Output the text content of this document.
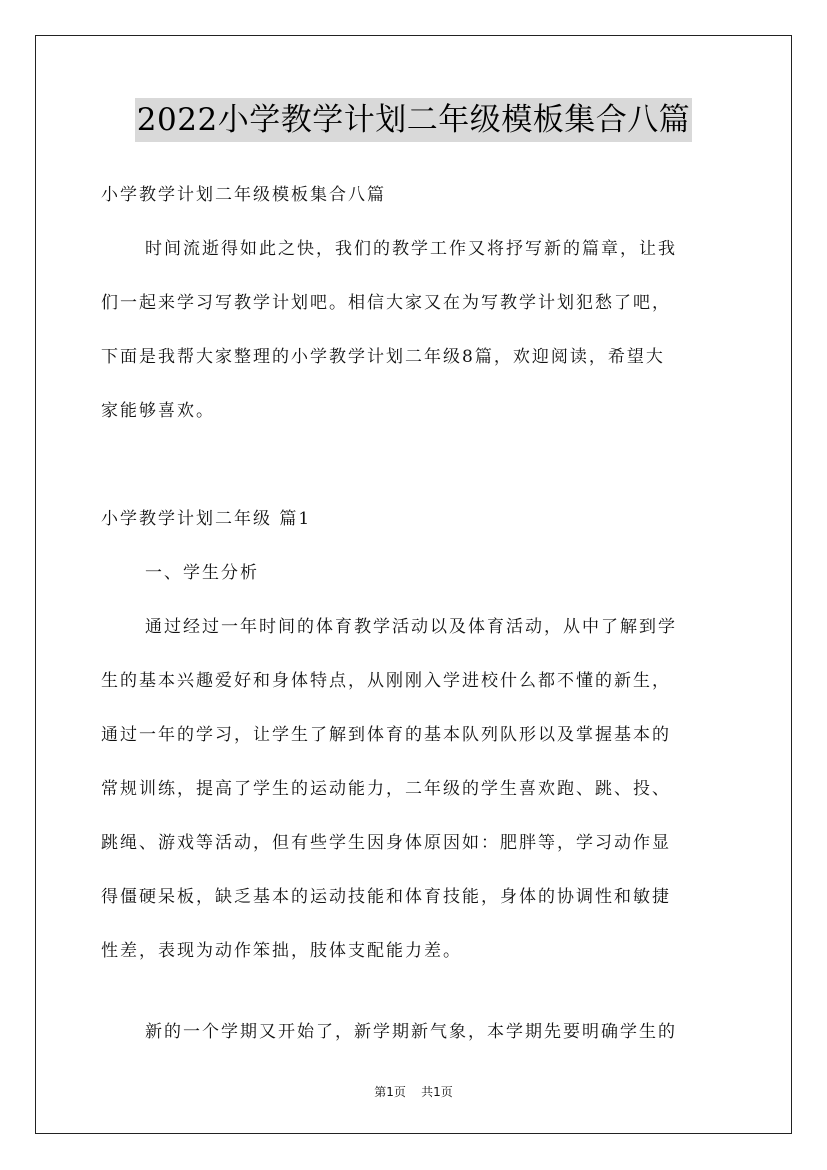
2022小学教学计划二年级模板集合八篇
小学教学计划二年级模板集合八篇
时间流逝得如此之快，我们的教学工作又将抒写新的篇章，让我
们一起来学习写教学计划吧。相信大家又在为写教学计划犯愁了吧，
下面是我帮大家整理的小学教学计划二年级8篇，欢迎阅读，希望大
家能够喜欢。
小学教学计划二年级 篇1
一、学生分析
通过经过一年时间的体育教学活动以及体育活动，从中了解到学
生的基本兴趣爱好和身体特点，从刚刚入学进校什么都不懂的新生，
通过一年的学习，让学生了解到体育的基本队列队形以及掌握基本的
常规训练，提高了学生的运动能力，二年级的学生喜欢跑、跳、投、
跳绳、游戏等活动，但有些学生因身体原因如：肥胖等，学习动作显
得僵硬呆板，缺乏基本的运动技能和体育技能，身体的协调性和敏捷
性差，表现为动作笨拙，肢体支配能力差。
新的一个学期又开始了，新学期新气象，本学期先要明确学生的
第1页 共1页
